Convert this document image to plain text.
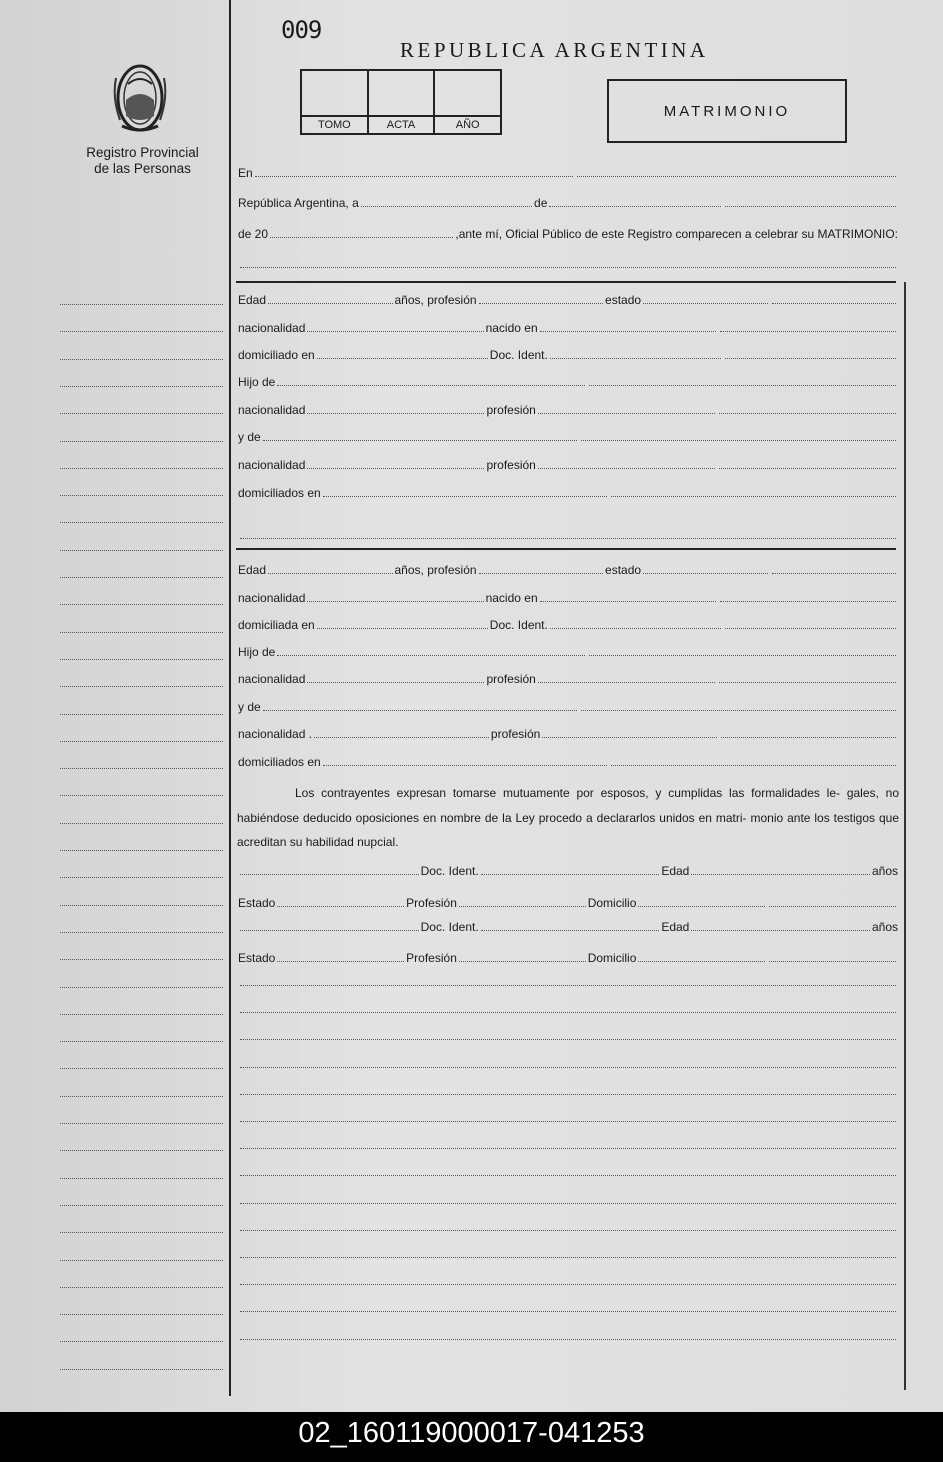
Registro Provincial
de las Personas
009
REPUBLICA ARGENTINA
TOMO	ACTA	AÑO
MATRIMONIO
En
República Argentina, a	de
de 20	,ante mí, Oficial Público de este Registro comparecen a celebrar su MATRIMONIO:
Edad	años, profesión	estado
nacionalidad	nacido en
domiciliado en	Doc. Ident.
Hijo de
nacionalidad	profesión
y de
nacionalidad	profesión
domiciliados en
Edad	años, profesión	estado
nacionalidad	nacido en
domiciliada en	Doc. Ident.
Hijo de
nacionalidad	profesión
y de
nacionalidad .	profesión
domiciliados en
Doc. Ident.	Edad	años
Estado	Profesión	Domicilio
Doc. Ident.	Edad	años
Estado	Profesión	Domicilio
Los contrayentes expresan tomarse mutuamente por esposos, y cumplidas las formalidades le- gales, no habiéndose deducido oposiciones en nombre de la Ley procedo a declararlos unidos en matri- monio ante los testigos que acreditan su habilidad nupcial.
02_160119000017-041253
